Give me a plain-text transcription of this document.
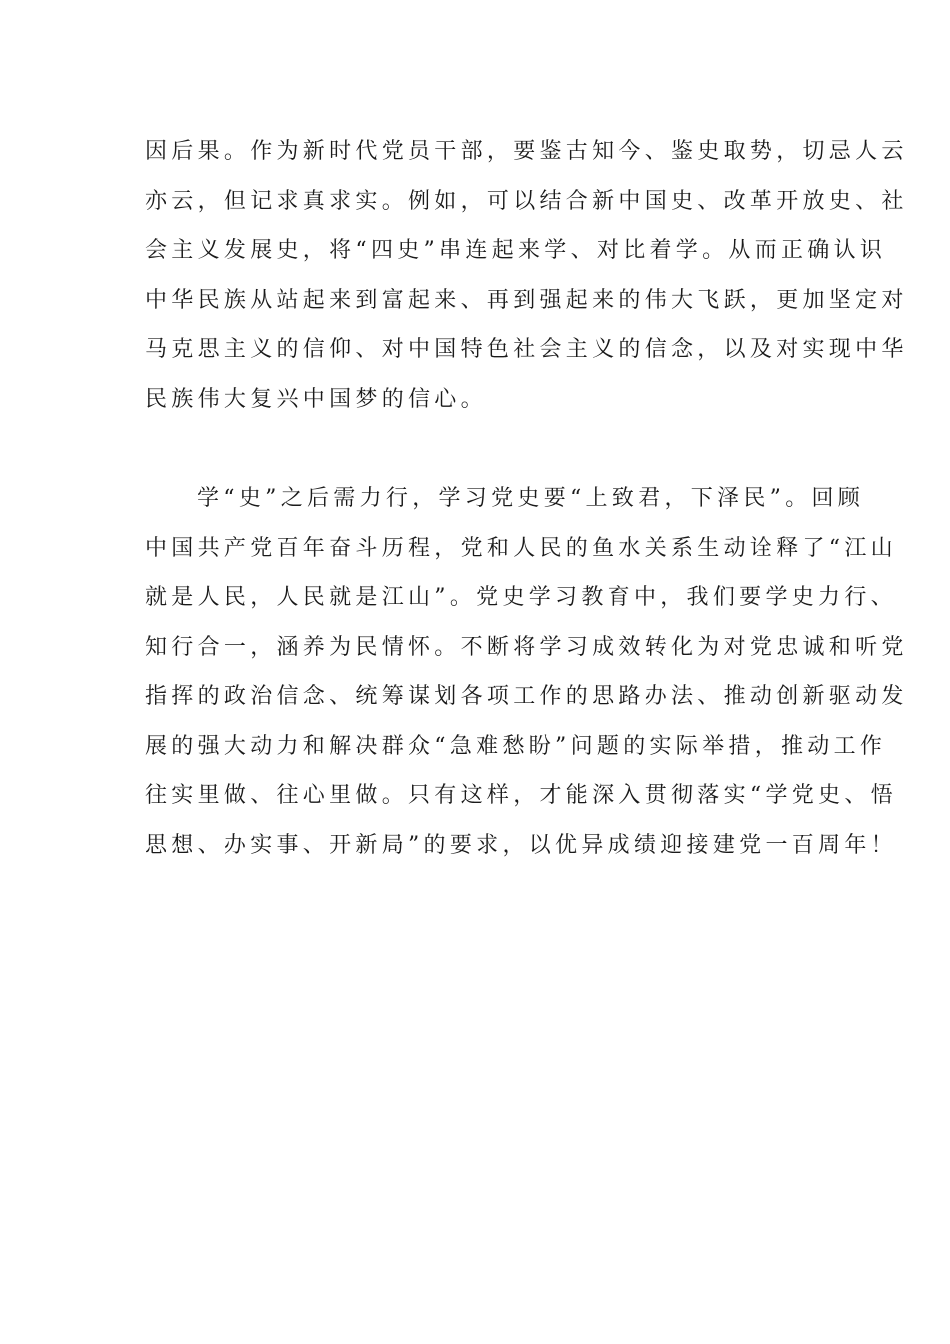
因后果。作为新时代党员干部，要鉴古知今、鉴史取势，切忌人云
亦云，但记求真求实。例如，可以结合新中国史、改革开放史、社
会主义发展史，将“四史”串连起来学、对比着学。从而正确认识
中华民族从站起来到富起来、再到强起来的伟大飞跃，更加坚定对
马克思主义的信仰、对中国特色社会主义的信念，以及对实现中华
民族伟大复兴中国梦的信心。
学“史”之后需力行，学习党史要“上致君，下泽民”。回顾
中国共产党百年奋斗历程，党和人民的鱼水关系生动诠释了“江山
就是人民，人民就是江山”。党史学习教育中，我们要学史力行、
知行合一，涵养为民情怀。不断将学习成效转化为对党忠诚和听党
指挥的政治信念、统筹谋划各项工作的思路办法、推动创新驱动发
展的强大动力和解决群众“急难愁盼”问题的实际举措，推动工作
往实里做、往心里做。只有这样，才能深入贯彻落实“学党史、悟
思想、办实事、开新局”的要求，以优异成绩迎接建党一百周年！
